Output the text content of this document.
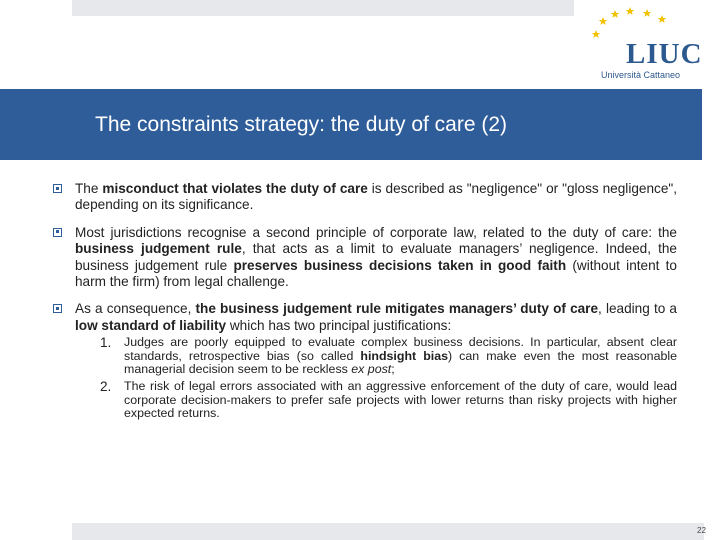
LIUC
Università Cattaneo
The constraints strategy: the duty of care (2)
The misconduct that violates the duty of care is described as "negligence" or "gloss negligence", depending on its significance.
Most jurisdictions recognise a second principle of corporate law, related to the duty of care: the business judgement rule, that acts as a limit to evaluate managers’ negligence. Indeed, the business judgement rule preserves business decisions taken in good faith (without intent to harm the firm) from legal challenge.
As a consequence, the business judgement rule mitigates managers’ duty of care, leading to a low standard of liability which has two principal justifications:
1. Judges are poorly equipped to evaluate complex business decisions. In particular, absent clear standards, retrospective bias (so called hindsight bias) can make even the most reasonable managerial decision seem to be reckless ex post;
2. The risk of legal errors associated with an aggressive enforcement of the duty of care, would lead corporate decision-makers to prefer safe projects with lower returns than risky projects with higher expected returns.
22
